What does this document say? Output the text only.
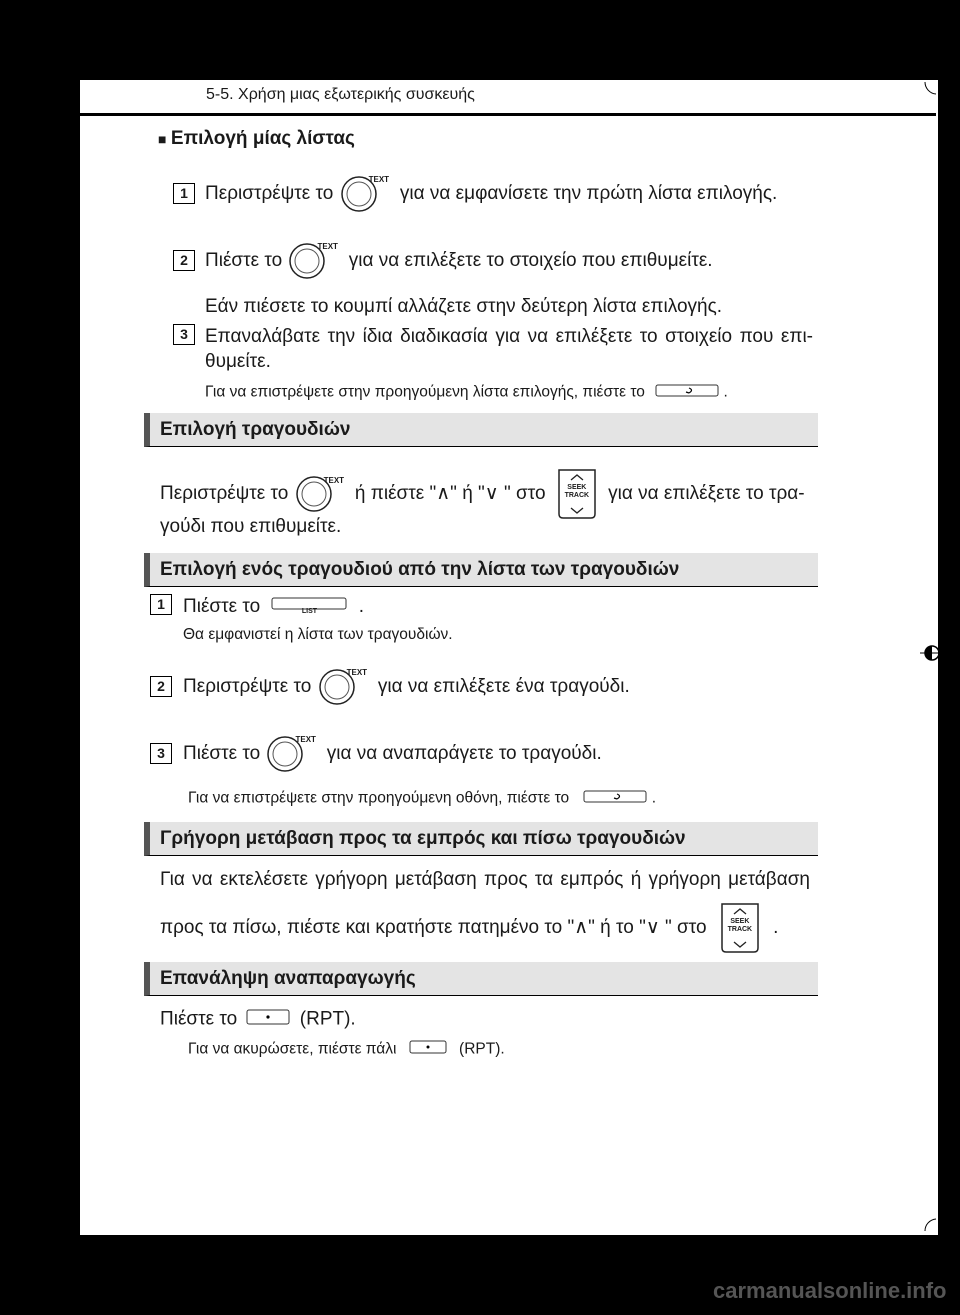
5-5. Χρήση μιας εξωτερικής συσκευής
■ Επιλογή μίας λίστας
1 Περιστρέψτε το
TEXT
για να εμφανίσετε την πρώτη λίστα επιλογής.
2 Πιέστε το
TEXT
για να επιλέξετε το στοιχείο που επιθυμείτε.
Εάν πιέσετε το κουμπί αλλάζετε στην δεύτερη λίστα επιλογής.
3 Επαναλάβατε την ίδια διαδικασία για να επιλέξετε το στοιχείο που επι-
θυμείτε.
Για να επιστρέψετε στην προηγούμενη λίστα επιλογής, πιέστε το	.
Επιλογή τραγουδιών
Περιστρέψτε το
TEXT
ή πιέστε "∧" ή "∨ " στο	SEEK
TRACK	για να επιλέξετε το τρα-
γούδι που επιθυμείτε.
Επιλογή ενός τραγουδιού από την λίστα των τραγουδιών
1 Πιέστε το	LIST	.
Θα εμφανιστεί η λίστα των τραγουδιών.
2 Περιστρέψτε το
TEXT
για να επιλέξετε ένα τραγούδι.
3 Πιέστε το
TEXT
για να αναπαράγετε το τραγούδι.
Για να επιστρέψετε στην προηγούμενη οθόνη, πιέστε το	.
Γρήγορη μετάβαση προς τα εμπρός και πίσω τραγουδιών
Για να εκτελέσετε γρήγορη μετάβαση προς τα εμπρός ή γρήγορη μετάβαση
προς τα πίσω, πιέστε και κρατήστε πατημένο το "∧" ή το "∨ " στο	SEEK
TRACK	.
Επανάληψη αναπαραγωγής
Πιέστε το	(RPT).
Για να ακυρώσετε, πιέστε πάλι	(RPT).
carmanualsonline.info
